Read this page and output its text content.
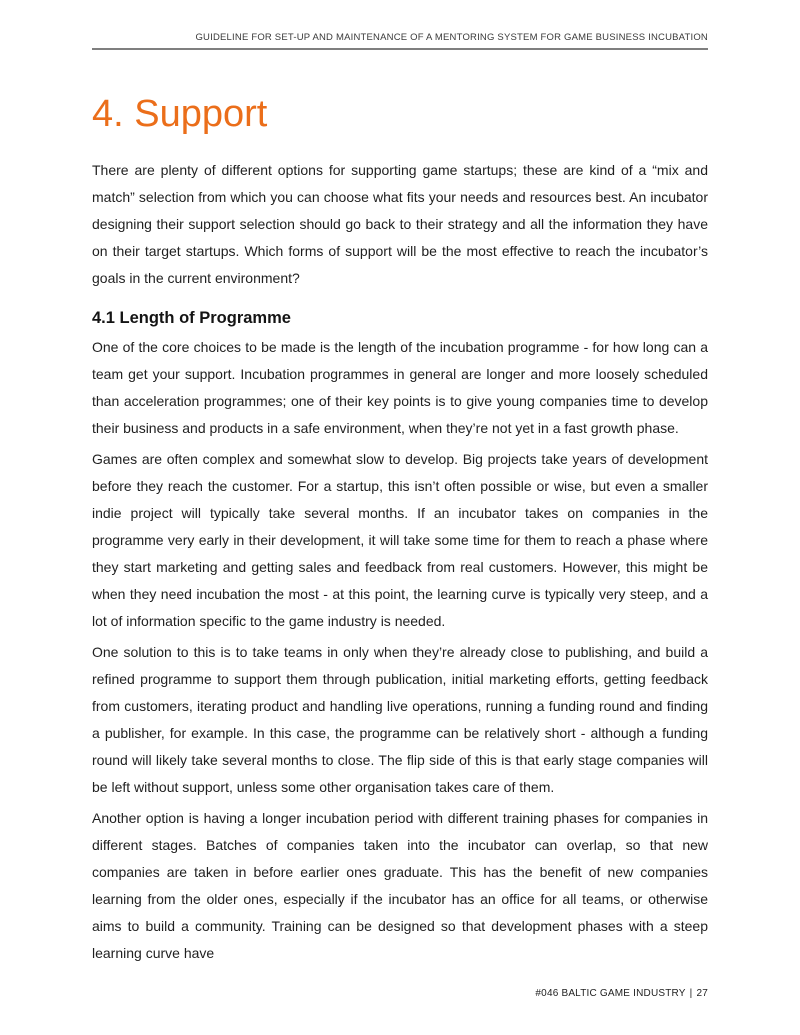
GUIDELINE FOR SET-UP AND MAINTENANCE OF A MENTORING SYSTEM FOR GAME BUSINESS INCUBATION
4. Support

There are plenty of different options for supporting game startups; these are kind of a “mix and match” selection from which you can choose what fits your needs and resources best. An incubator designing their support selection should go back to their strategy and all the information they have on their target startups. Which forms of support will be the most effective to reach the incubator’s goals in the current environment?

4.1 Length of Programme

One of the core choices to be made is the length of the incubation programme - for how long can a team get your support. Incubation programmes in general are longer and more loosely scheduled than acceleration programmes; one of their key points is to give young companies time to develop their business and products in a safe environment, when they’re not yet in a fast growth phase.

Games are often complex and somewhat slow to develop. Big projects take years of development before they reach the customer. For a startup, this isn’t often possible or wise, but even a smaller indie project will typically take several months. If an incubator takes on companies in the programme very early in their development, it will take some time for them to reach a phase where they start marketing and getting sales and feedback from real customers. However, this might be when they need incubation the most - at this point, the learning curve is typically very steep, and a lot of information specific to the game industry is needed.

One solution to this is to take teams in only when they’re already close to publishing, and build a refined programme to support them through publication, initial marketing efforts, getting feedback from customers, iterating product and handling live operations, running a funding round and finding a publisher, for example. In this case, the programme can be relatively short - although a funding round will likely take several months to close. The flip side of this is that early stage companies will be left without support, unless some other organisation takes care of them.

Another option is having a longer incubation period with different training phases for companies in different stages. Batches of companies taken into the incubator can overlap, so that new companies are taken in before earlier ones graduate. This has the benefit of new companies learning from the older ones, especially if the incubator has an office for all teams, or otherwise aims to build a community. Training can be designed so that development phases with a steep learning curve have

#046 BALTIC GAME INDUSTRY | 27
